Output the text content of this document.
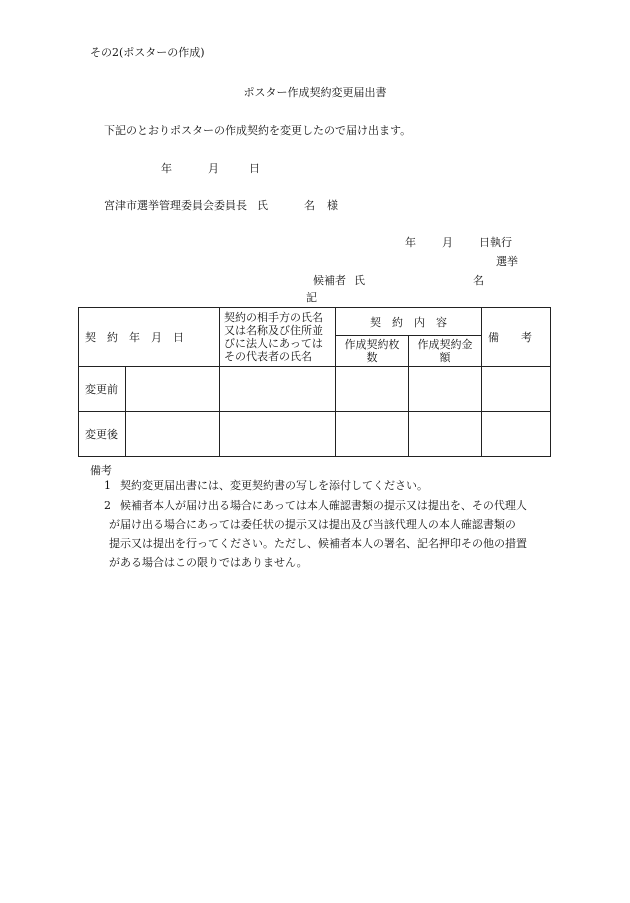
その2(ポスターの作成)
ポスター作成契約変更届出書
下記のとおりポスターの作成契約を変更したので届け出ます。
年	月	日
宮津市選挙管理委員会委員長 氏	名 様
年 月 日執行
選挙
候補者 氏	名
記
契　約　年　月　日		契約の相手方の氏名又は名称及び住所並びに法人にあってはその代表者の氏名	契　約　内　容		備　　考
			作成契約枚　　数	作成契約金　　額	
変更前					
変更後					
備考
1 契約変更届出書には、変更契約書の写しを添付してください。
2 候補者本人が届け出る場合にあっては本人確認書類の提示又は提出を、その代理人
が届け出る場合にあっては委任状の提示又は提出及び当該代理人の本人確認書類の
提示又は提出を行ってください。ただし、候補者本人の署名、記名押印その他の措置
がある場合はこの限りではありません。
